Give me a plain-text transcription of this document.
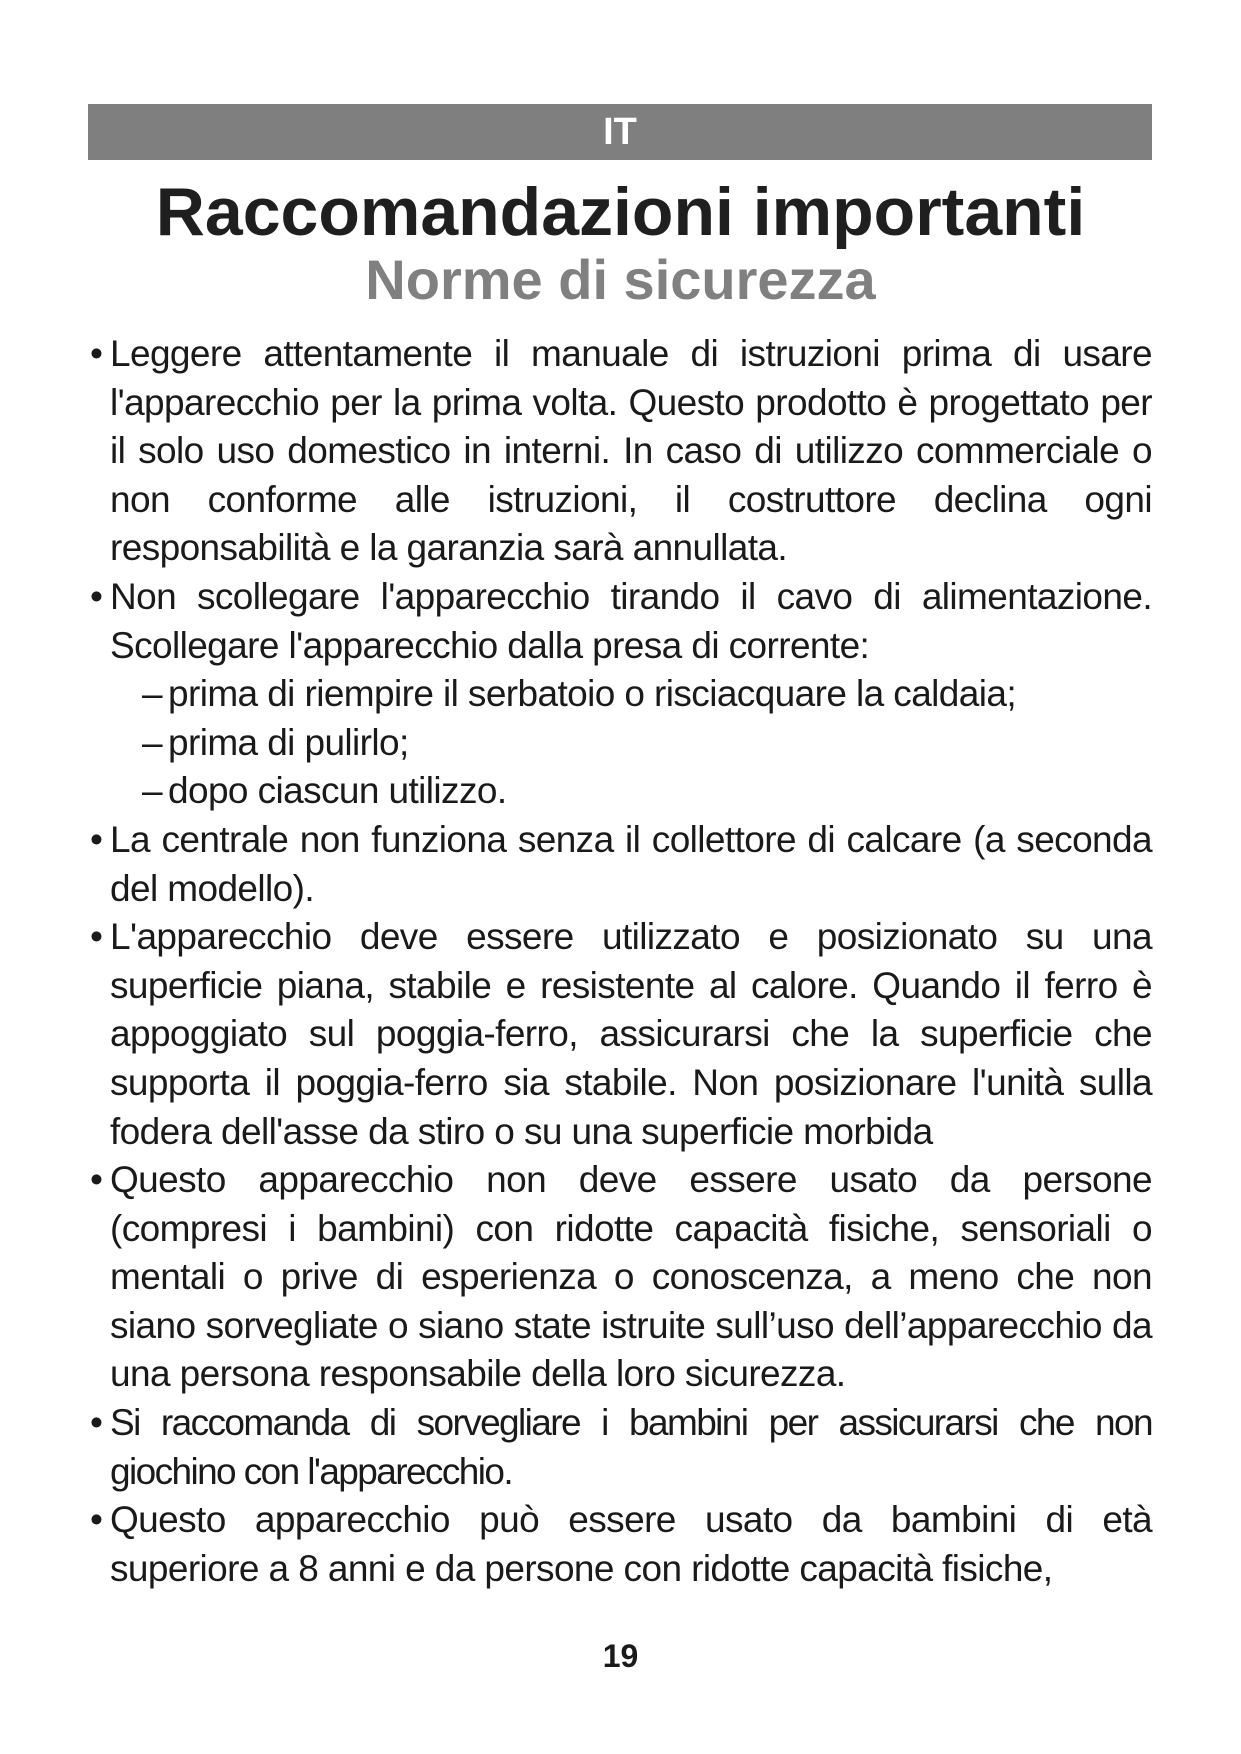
IT
Raccomandazioni importanti
Norme di sicurezza
• Leggere attentamente il manuale di istruzioni prima di usare l'apparecchio per la prima volta. Questo prodotto è progettato per il solo uso domestico in interni. In caso di utilizzo commerciale o non conforme alle istruzioni, il costruttore declina ogni responsabilità e la garanzia sarà annullata.
• Non scollegare l'apparecchio tirando il cavo di alimentazione. Scollegare l'apparecchio dalla presa di corrente:
– prima di riempire il serbatoio o risciacquare la caldaia;
– prima di pulirlo;
– dopo ciascun utilizzo.
• La centrale non funziona senza il collettore di calcare (a seconda del modello).
• L'apparecchio deve essere utilizzato e posizionato su una superficie piana, stabile e resistente al calore. Quando il ferro è appoggiato sul poggia-ferro, assicurarsi che la superficie che supporta il poggia-ferro sia stabile. Non posizionare l'unità sulla fodera dell'asse da stiro o su una superficie morbida
• Questo apparecchio non deve essere usato da persone (compresi i bambini) con ridotte capacità fisiche, sensoriali o mentali o prive di esperienza o conoscenza, a meno che non siano sorvegliate o siano state istruite sull’uso dell’apparecchio da una persona responsabile della loro sicurezza.
• Si raccomanda di sorvegliare i bambini per assicurarsi che non giochino con l'apparecchio.
• Questo apparecchio può essere usato da bambini di età superiore a 8 anni e da persone con ridotte capacità fisiche,
19
